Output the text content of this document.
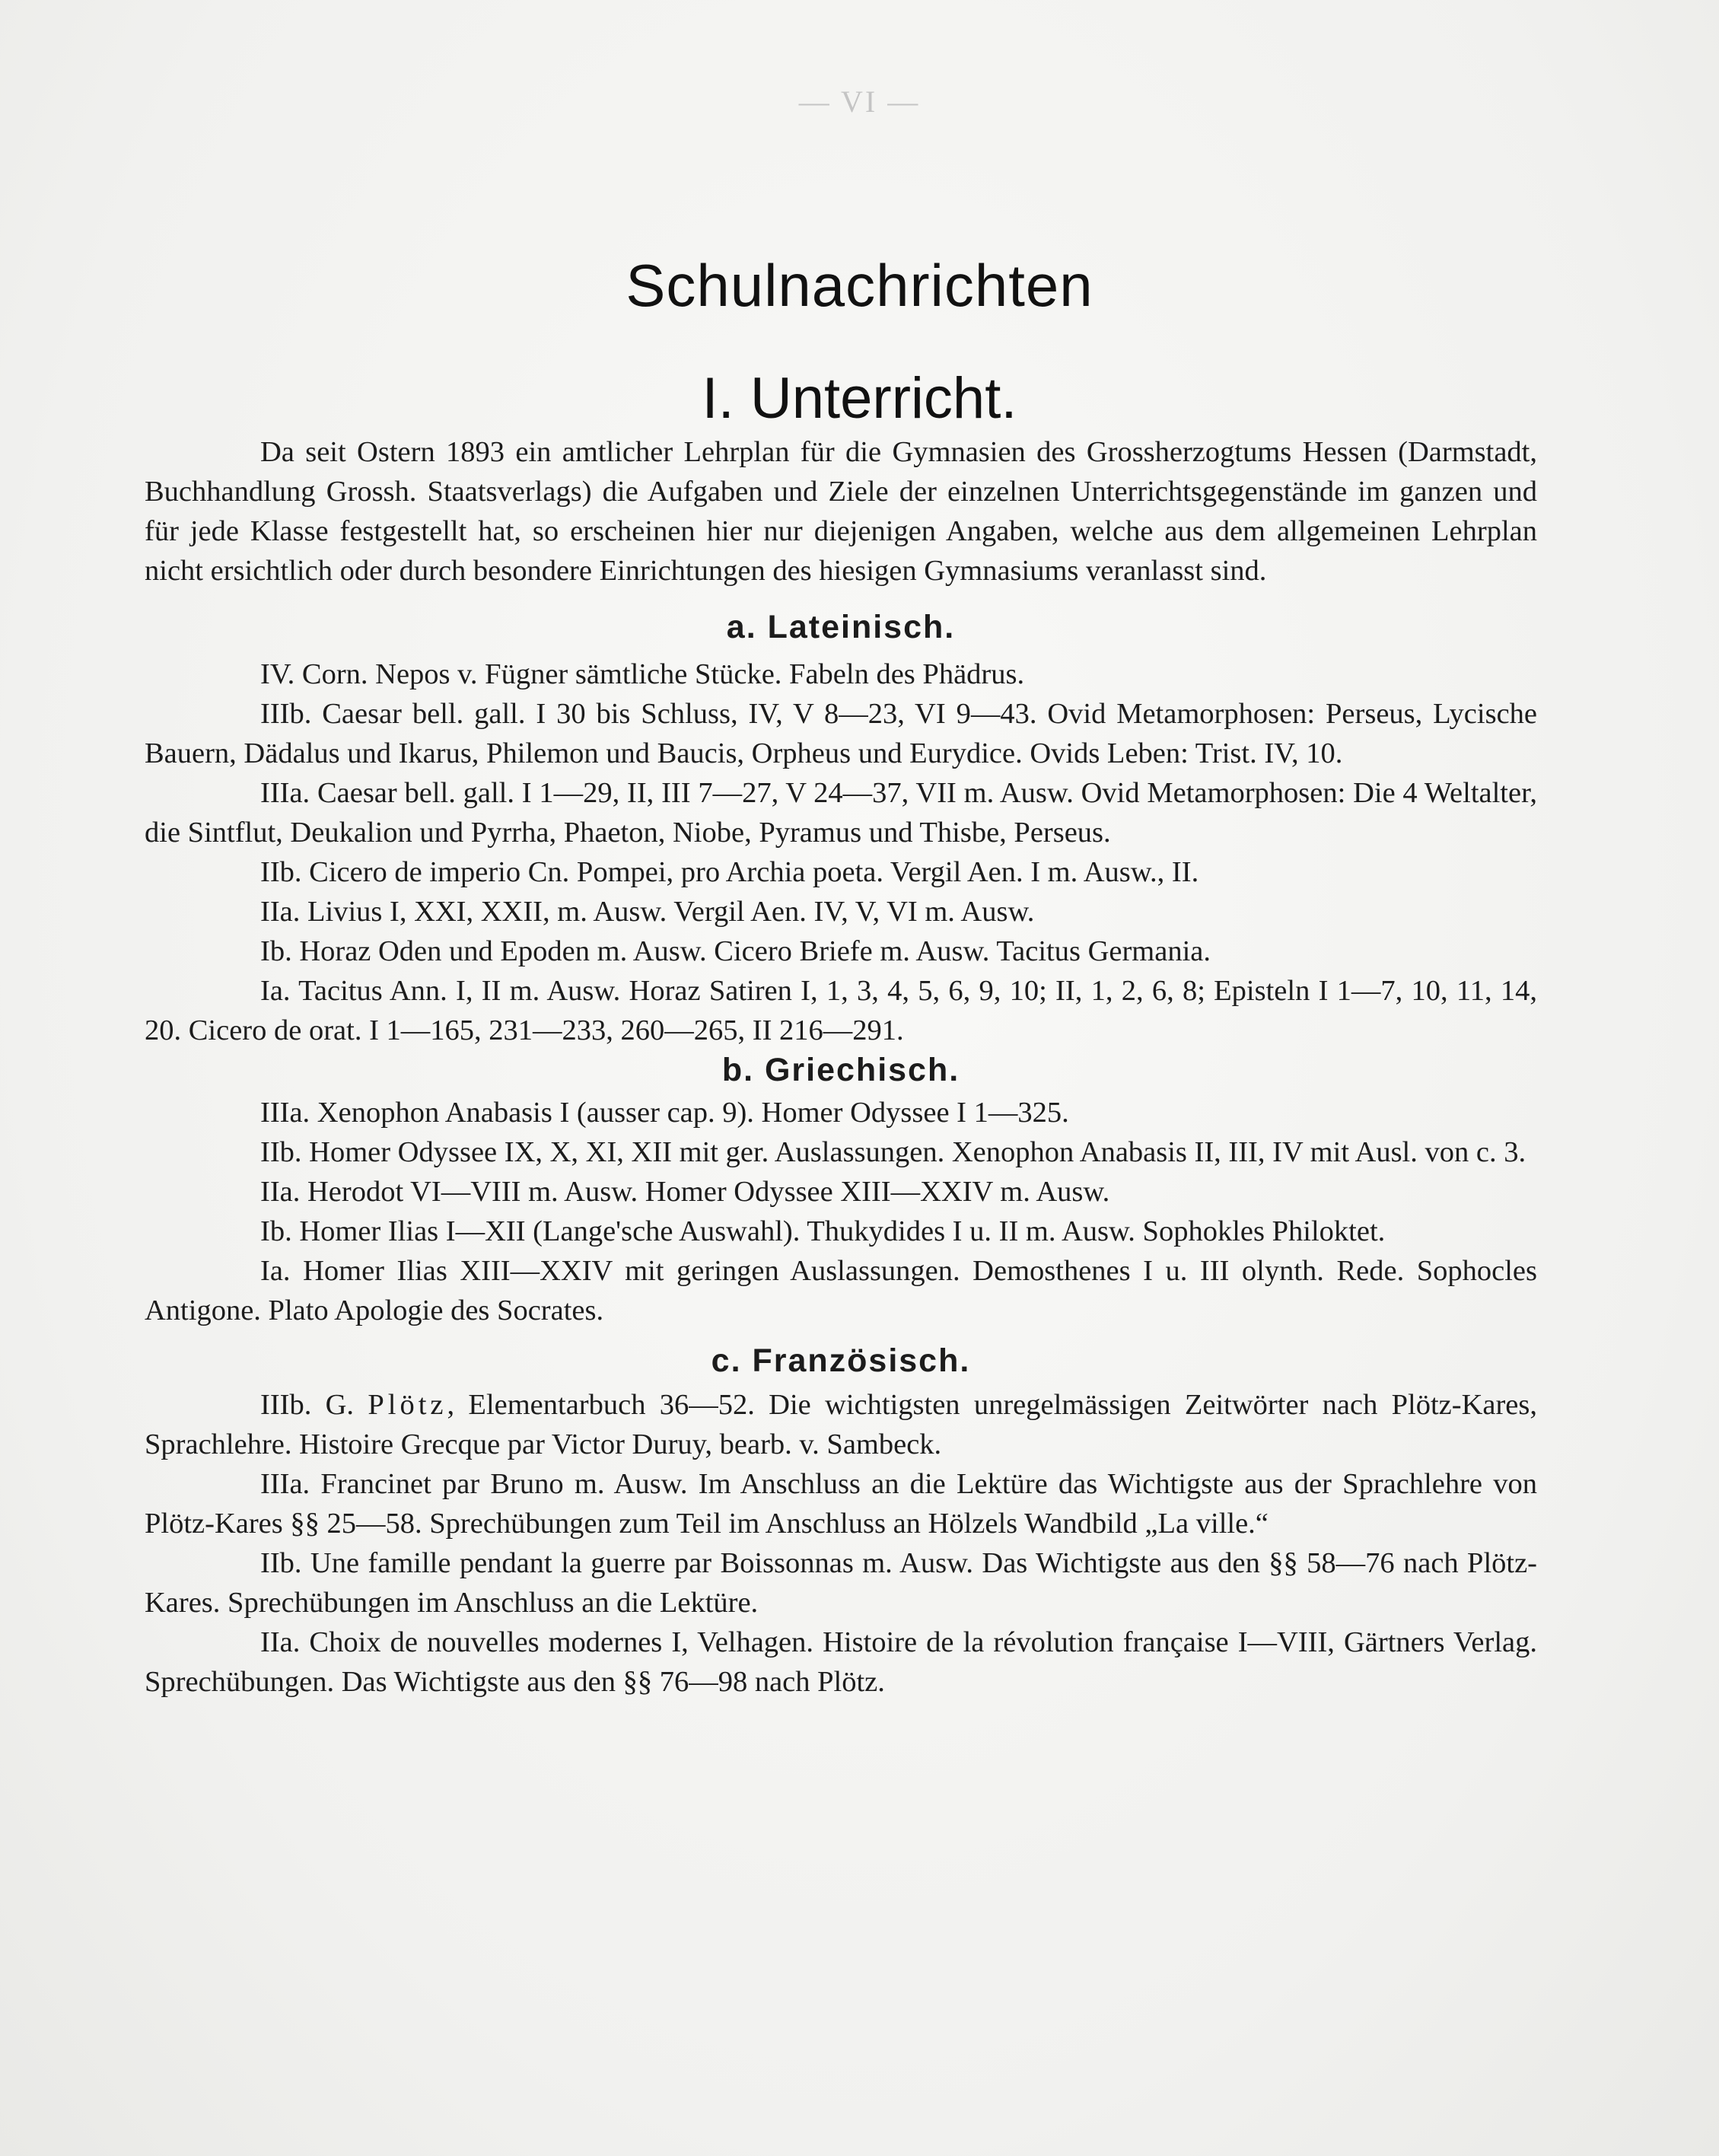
— VI —
Schulnachrichten
I. Unterricht.

Da seit Ostern 1893 ein amtlicher Lehrplan für die Gymnasien des Grossherzogtums Hessen (Darmstadt, Buchhandlung Grossh. Staatsverlags) die Aufgaben und Ziele der einzelnen Unterrichtsgegenstände im ganzen und für jede Klasse festgestellt hat, so erscheinen hier nur diejenigen Angaben, welche aus dem allgemeinen Lehrplan nicht ersichtlich oder durch besondere Einrichtungen des hiesigen Gymnasiums veranlasst sind.

a. Lateinisch.

IV. Corn. Nepos v. Fügner sämtliche Stücke. Fabeln des Phädrus.

IIIb. Caesar bell. gall. I 30 bis Schluss, IV, V 8—23, VI 9—43. Ovid Metamorphosen: Perseus, Lycische Bauern, Dädalus und Ikarus, Philemon und Baucis, Orpheus und Eurydice. Ovids Leben: Trist. IV, 10.

IIIa. Caesar bell. gall. I 1—29, II, III 7—27, V 24—37, VII m. Ausw. Ovid Metamorphosen: Die 4 Weltalter, die Sintflut, Deukalion und Pyrrha, Phaeton, Niobe, Pyramus und Thisbe, Perseus.

IIb. Cicero de imperio Cn. Pompei, pro Archia poeta. Vergil Aen. I m. Ausw., II.

IIa. Livius I, XXI, XXII, m. Ausw. Vergil Aen. IV, V, VI m. Ausw.

Ib. Horaz Oden und Epoden m. Ausw. Cicero Briefe m. Ausw. Tacitus Germania.

Ia. Tacitus Ann. I, II m. Ausw. Horaz Satiren I, 1, 3, 4, 5, 6, 9, 10; II, 1, 2, 6, 8; Episteln I 1—7, 10, 11, 14, 20. Cicero de orat. I 1—165, 231—233, 260—265, II 216—291.

b. Griechisch.

IIIa. Xenophon Anabasis I (ausser cap. 9). Homer Odyssee I 1—325.

IIb. Homer Odyssee IX, X, XI, XII mit ger. Auslassungen. Xenophon Anabasis II, III, IV mit Ausl. von c. 3.

IIa. Herodot VI—VIII m. Ausw. Homer Odyssee XIII—XXIV m. Ausw.

Ib. Homer Ilias I—XII (Lange'sche Auswahl). Thukydides I u. II m. Ausw. Sophokles Philoktet.

Ia. Homer Ilias XIII—XXIV mit geringen Auslassungen. Demosthenes I u. III olynth. Rede. Sophocles Antigone. Plato Apologie des Socrates.

c. Französisch.

IIIb. G. Plötz, Elementarbuch 36—52. Die wichtigsten unregelmässigen Zeitwörter nach Plötz-Kares, Sprachlehre. Histoire Grecque par Victor Duruy, bearb. v. Sambeck.

IIIa. Francinet par Bruno m. Ausw. Im Anschluss an die Lektüre das Wichtigste aus der Sprachlehre von Plötz-Kares §§ 25—58. Sprechübungen zum Teil im Anschluss an Hölzels Wandbild „La ville.“

IIb. Une famille pendant la guerre par Boissonnas m. Ausw. Das Wichtigste aus den §§ 58—76 nach Plötz-Kares. Sprechübungen im Anschluss an die Lektüre.

IIa. Choix de nouvelles modernes I, Velhagen. Histoire de la révolution française I—VIII, Gärtners Verlag. Sprechübungen. Das Wichtigste aus den §§ 76—98 nach Plötz.
